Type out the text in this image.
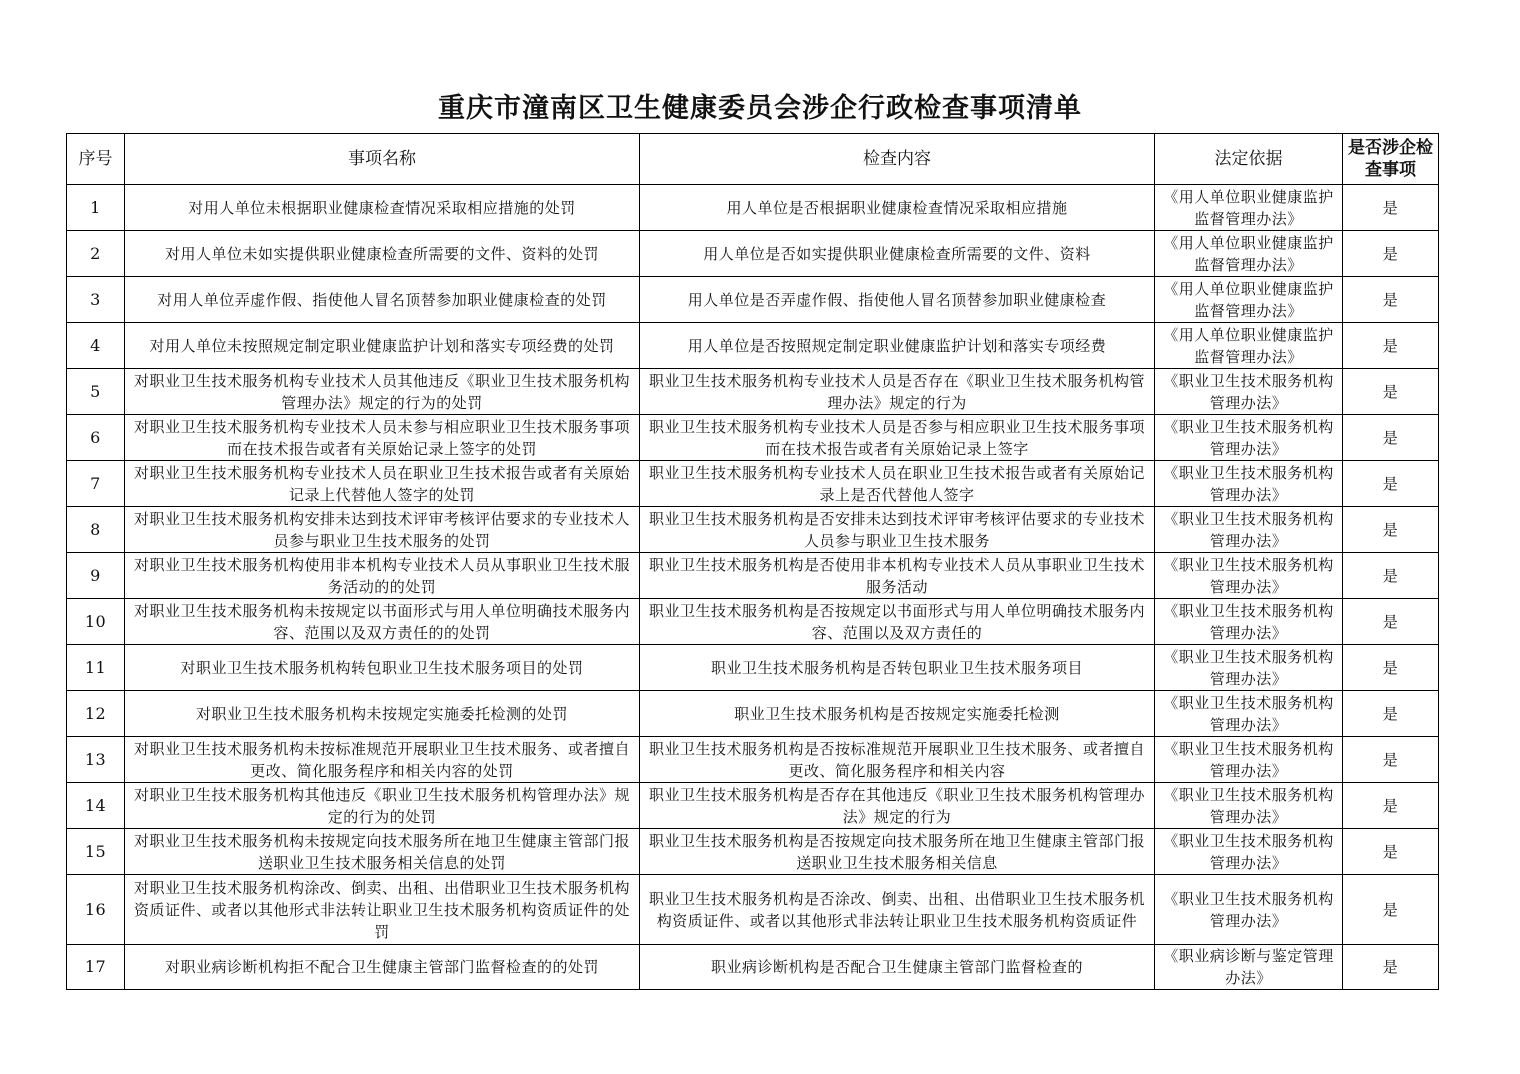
重庆市潼南区卫生健康委员会涉企行政检查事项清单
序号	事项名称	检查内容	法定依据	是否涉企检查事项
1	对用人单位未根据职业健康检查情况采取相应措施的处罚	用人单位是否根据职业健康检查情况采取相应措施	《用人单位职业健康监护监督管理办法》	是
2	对用人单位未如实提供职业健康检查所需要的文件、资料的处罚	用人单位是否如实提供职业健康检查所需要的文件、资料	《用人单位职业健康监护监督管理办法》	是
3	对用人单位弄虚作假、指使他人冒名顶替参加职业健康检查的处罚	用人单位是否弄虚作假、指使他人冒名顶替参加职业健康检查	《用人单位职业健康监护监督管理办法》	是
4	对用人单位未按照规定制定职业健康监护计划和落实专项经费的处罚	用人单位是否按照规定制定职业健康监护计划和落实专项经费	《用人单位职业健康监护监督管理办法》	是
5	对职业卫生技术服务机构专业技术人员其他违反《职业卫生技术服务机构管理办法》规定的行为的处罚	职业卫生技术服务机构专业技术人员是否存在《职业卫生技术服务机构管理办法》规定的行为	《职业卫生技术服务机构管理办法》	是
6	对职业卫生技术服务机构专业技术人员未参与相应职业卫生技术服务事项而在技术报告或者有关原始记录上签字的处罚	职业卫生技术服务机构专业技术人员是否参与相应职业卫生技术服务事项而在技术报告或者有关原始记录上签字	《职业卫生技术服务机构管理办法》	是
7	对职业卫生技术服务机构专业技术人员在职业卫生技术报告或者有关原始记录上代替他人签字的处罚	职业卫生技术服务机构专业技术人员在职业卫生技术报告或者有关原始记录上是否代替他人签字	《职业卫生技术服务机构管理办法》	是
8	对职业卫生技术服务机构安排未达到技术评审考核评估要求的专业技术人员参与职业卫生技术服务的处罚	职业卫生技术服务机构是否安排未达到技术评审考核评估要求的专业技术人员参与职业卫生技术服务	《职业卫生技术服务机构管理办法》	是
9	对职业卫生技术服务机构使用非本机构专业技术人员从事职业卫生技术服务活动的的处罚	职业卫生技术服务机构是否使用非本机构专业技术人员从事职业卫生技术服务活动	《职业卫生技术服务机构管理办法》	是
10	对职业卫生技术服务机构未按规定以书面形式与用人单位明确技术服务内容、范围以及双方责任的的处罚	职业卫生技术服务机构是否按规定以书面形式与用人单位明确技术服务内容、范围以及双方责任的	《职业卫生技术服务机构管理办法》	是
11	对职业卫生技术服务机构转包职业卫生技术服务项目的处罚	职业卫生技术服务机构是否转包职业卫生技术服务项目	《职业卫生技术服务机构管理办法》	是
12	对职业卫生技术服务机构未按规定实施委托检测的处罚	职业卫生技术服务机构是否按规定实施委托检测	《职业卫生技术服务机构管理办法》	是
13	对职业卫生技术服务机构未按标准规范开展职业卫生技术服务、或者擅自更改、简化服务程序和相关内容的处罚	职业卫生技术服务机构是否按标准规范开展职业卫生技术服务、或者擅自更改、简化服务程序和相关内容	《职业卫生技术服务机构管理办法》	是
14	对职业卫生技术服务机构其他违反《职业卫生技术服务机构管理办法》规定的行为的处罚	职业卫生技术服务机构是否存在其他违反《职业卫生技术服务机构管理办法》规定的行为	《职业卫生技术服务机构管理办法》	是
15	对职业卫生技术服务机构未按规定向技术服务所在地卫生健康主管部门报送职业卫生技术服务相关信息的处罚	职业卫生技术服务机构是否按规定向技术服务所在地卫生健康主管部门报送职业卫生技术服务相关信息	《职业卫生技术服务机构管理办法》	是
16	对职业卫生技术服务机构涂改、倒卖、出租、出借职业卫生技术服务机构资质证件、或者以其他形式非法转让职业卫生技术服务机构资质证件的处罚	职业卫生技术服务机构是否涂改、倒卖、出租、出借职业卫生技术服务机构资质证件、或者以其他形式非法转让职业卫生技术服务机构资质证件	《职业卫生技术服务机构管理办法》	是
17	对职业病诊断机构拒不配合卫生健康主管部门监督检查的的处罚	职业病诊断机构是否配合卫生健康主管部门监督检查的	《职业病诊断与鉴定管理办法》	是
